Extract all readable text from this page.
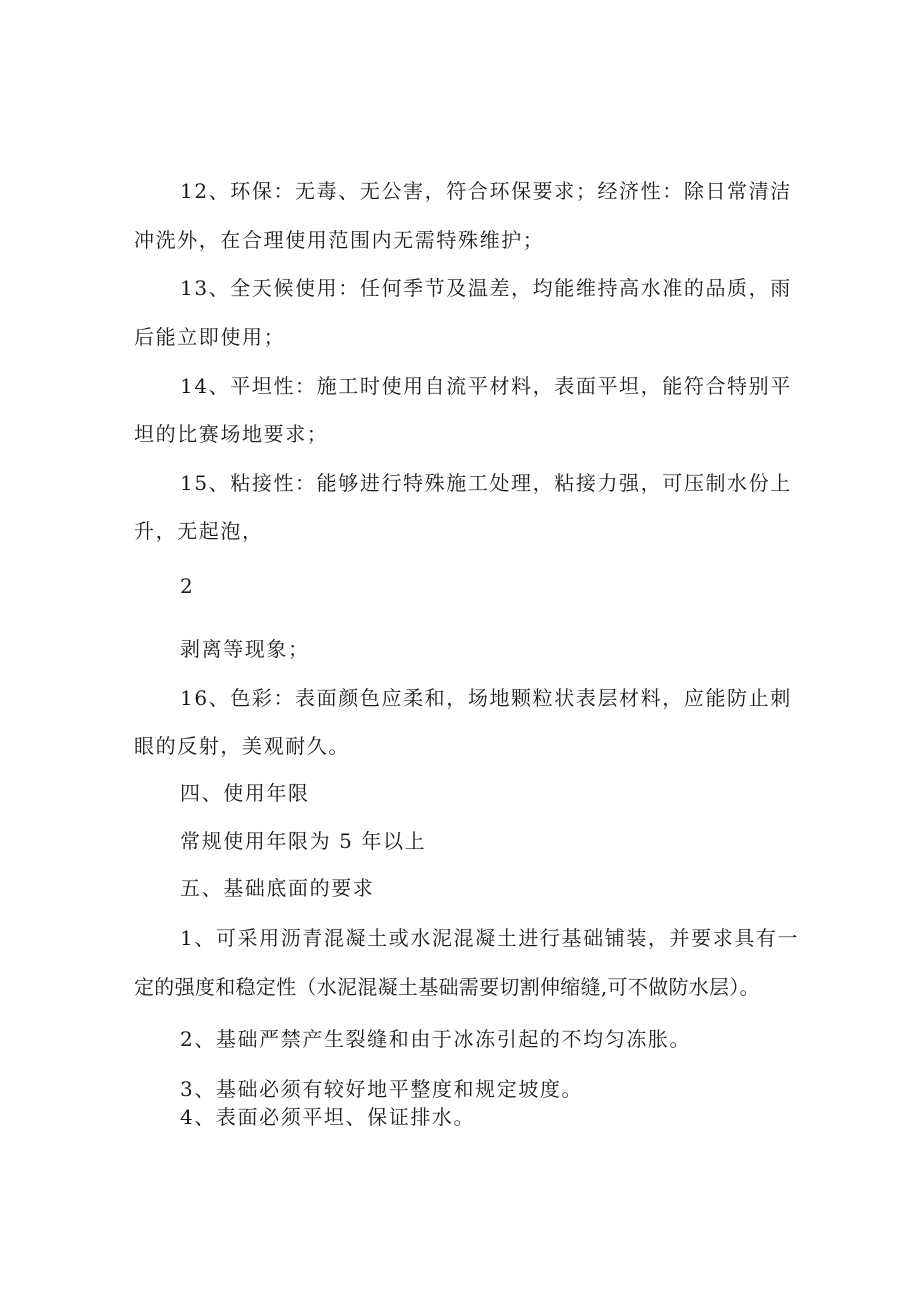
12、环保：无毒、无公害，符合环保要求；经济性：除日常清洁
冲洗外，在合理使用范围内无需特殊维护；
13、全天候使用：任何季节及温差，均能维持高水准的品质，雨
后能立即使用；
14、平坦性：施工时使用自流平材料，表面平坦，能符合特别平
坦的比赛场地要求；
15、粘接性：能够进行特殊施工处理，粘接力强，可压制水份上
升，无起泡，
2
剥离等现象；
16、色彩：表面颜色应柔和，场地颗粒状表层材料，应能防止刺
眼的反射，美观耐久。
四、使用年限
常规使用年限为 5 年以上
五、基础底面的要求
1、可采用沥青混凝土或水泥混凝土进行基础铺装，并要求具有一
定的强度和稳定性（水泥混凝土基础需要切割伸缩缝,可不做防水层）。
2、基础严禁产生裂缝和由于冰冻引起的不均匀冻胀。
3、基础必须有较好地平整度和规定坡度。
4、表面必须平坦、保证排水。
